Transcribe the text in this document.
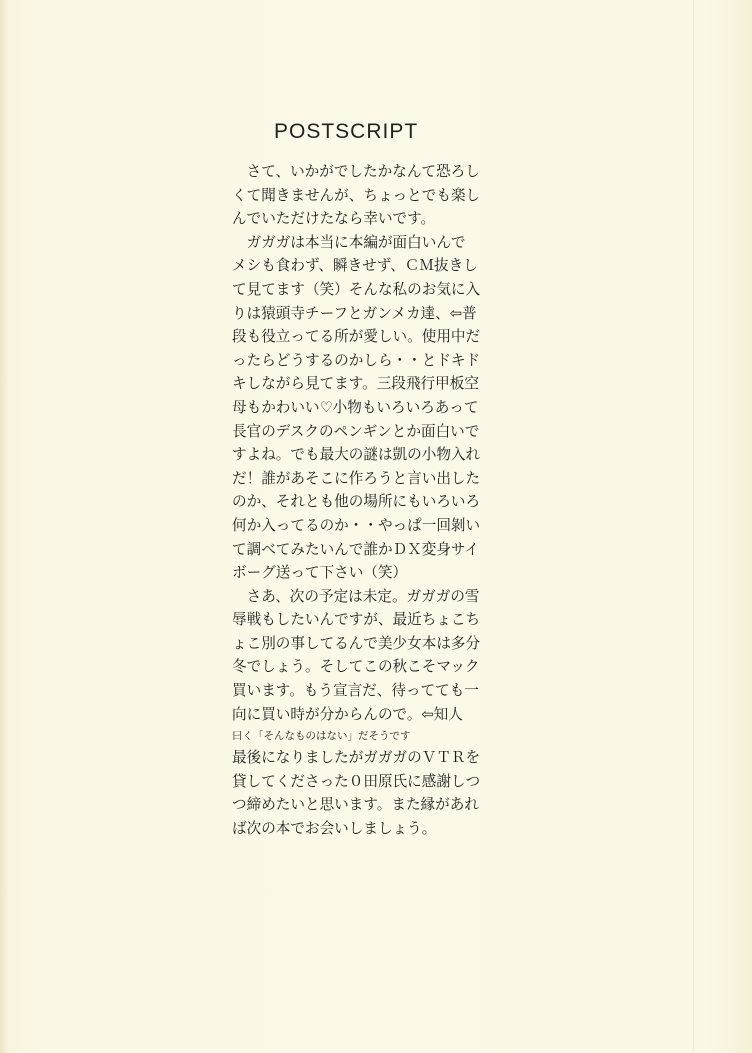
POSTSCRIPT
　さて、いかがでしたかなんて恐ろし
くて聞きませんが、ちょっとでも楽し
んでいただけたなら幸いです。
　ガガガは本当に本編が面白いんで
メシも食わず、瞬きせず、ＣＭ抜きし
て見てます（笑）そんな私のお気に入
りは猿頭寺チーフとガンメカ達、⇦普
段も役立ってる所が愛しい。使用中だ
ったらどうするのかしら・・とドキド
キしながら見てます。三段飛行甲板空
母もかわいい♡小物もいろいろあって
長官のデスクのペンギンとか面白いで
すよね。でも最大の謎は凱の小物入れ
だ！誰があそこに作ろうと言い出した
のか、それとも他の場所にもいろいろ
何か入ってるのか・・やっぱ一回剝い
て調べてみたいんで誰かＤＸ変身サイ
ボーグ送って下さい（笑）
　さあ、次の予定は未定。ガガガの雪
辱戦もしたいんですが、最近ちょこち
ょこ別の事してるんで美少女本は多分
冬でしょう。そしてこの秋こそマック
買います。もう宣言だ、待ってても一
向に買い時が分からんので。⇦知人
曰く「そんなものはない」だそうです
最後になりましたがガガガのＶＴＲを
貸してくださった０田原氏に感謝しつ
つ締めたいと思います。また縁があれ
ば次の本でお会いしましょう。
